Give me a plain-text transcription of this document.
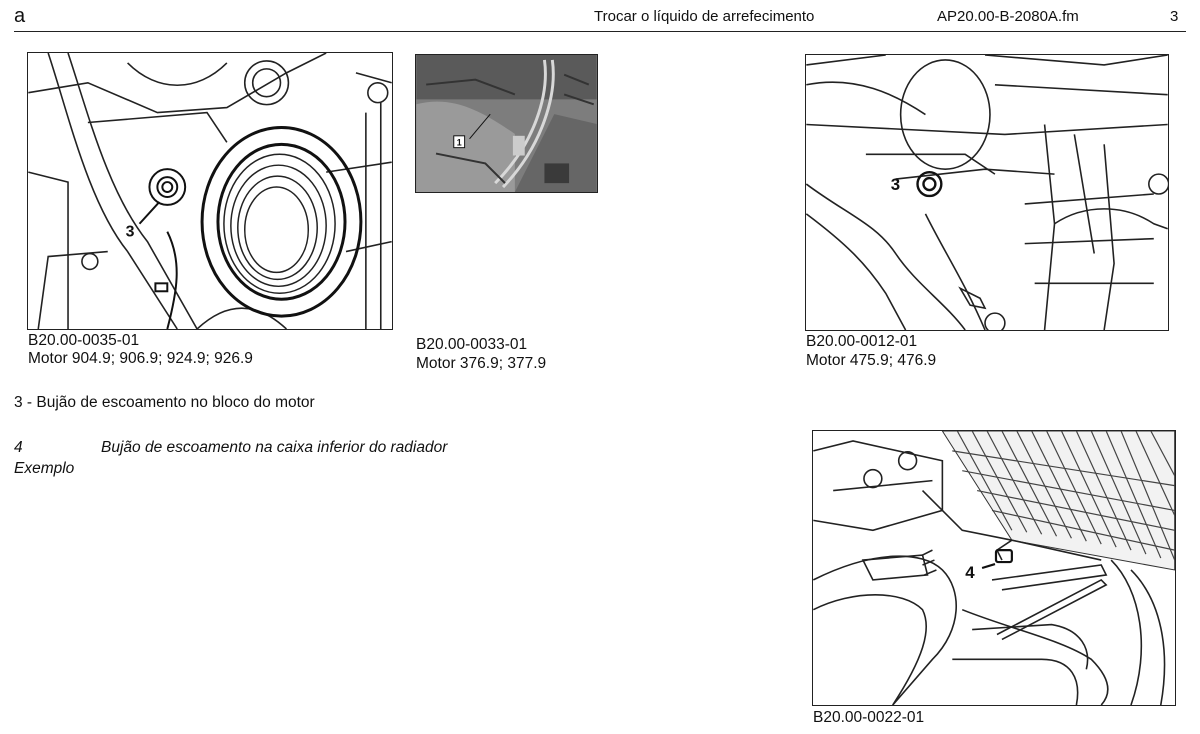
a	Trocar o líquido de arrefecimento	AP20.00-B-2080A.fm	3
3
B20.00-0035-01
Motor 904.9; 906.9; 924.9; 926.9
1
B20.00-0033-01
Motor 376.9; 377.9
3
B20.00-0012-01
Motor 475.9; 476.9
3 - Bujão de escoamento no bloco do motor
4	Bujão de escoamento na caixa inferior do radiador
Exemplo
4
B20.00-0022-01
